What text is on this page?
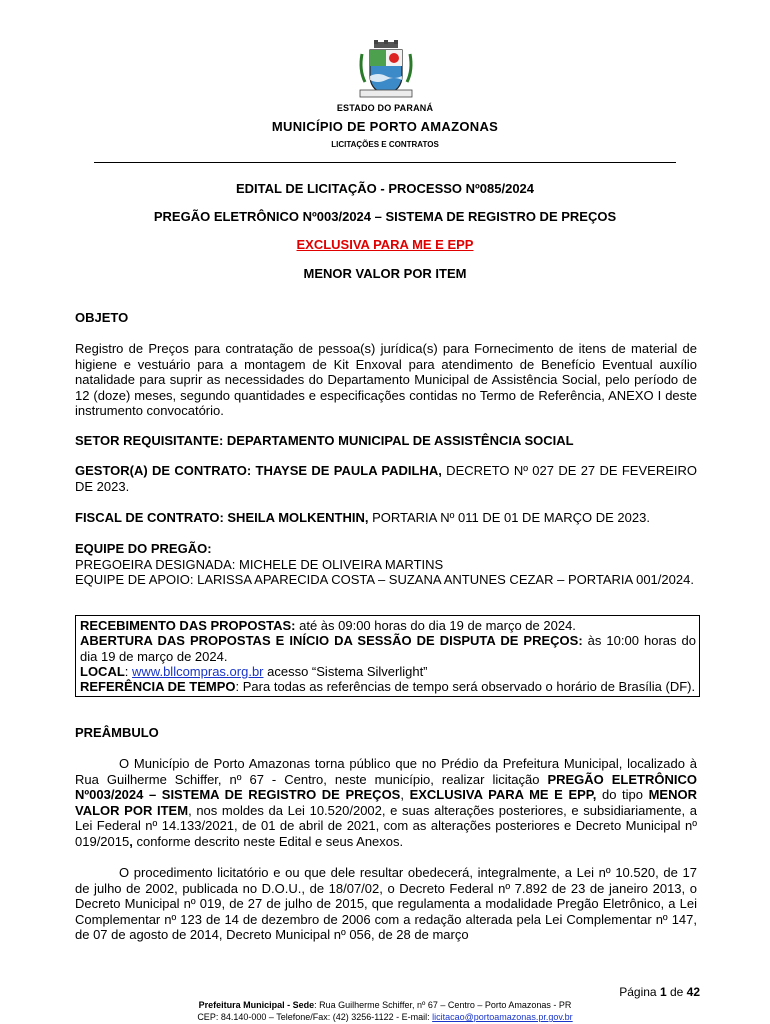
ESTADO DO PARANÁ
MUNICÍPIO DE PORTO AMAZONAS
LICITAÇÕES E CONTRATOS
EDITAL DE LICITAÇÃO - PROCESSO Nº085/2024
PREGÃO ELETRÔNICO Nº003/2024 – SISTEMA DE REGISTRO DE PREÇOS
EXCLUSIVA PARA ME E EPP
MENOR VALOR POR ITEM
OBJETO
Registro de Preços para contratação de pessoa(s) jurídica(s) para Fornecimento de itens de material de higiene e vestuário para a montagem de Kit Enxoval para atendimento de Benefício Eventual auxílio natalidade para suprir as necessidades do Departamento Municipal de Assistência Social, pelo período de 12 (doze) meses, segundo quantidades e especificações contidas no Termo de Referência, ANEXO I deste instrumento convocatório.
SETOR REQUISITANTE: DEPARTAMENTO MUNICIPAL DE ASSISTÊNCIA SOCIAL
GESTOR(A) DE CONTRATO: THAYSE DE PAULA PADILHA, DECRETO Nº 027 DE 27 DE FEVEREIRO DE 2023.
FISCAL DE CONTRATO: SHEILA MOLKENTHIN, PORTARIA Nº 011 DE 01 DE MARÇO DE 2023.
EQUIPE DO PREGÃO:
PREGOEIRA DESIGNADA: MICHELE DE OLIVEIRA MARTINS
EQUIPE DE APOIO: LARISSA APARECIDA COSTA – SUZANA ANTUNES CEZAR – PORTARIA 001/2024.
RECEBIMENTO DAS PROPOSTAS: até às 09:00 horas do dia 19 de março de 2024.
ABERTURA DAS PROPOSTAS E INÍCIO DA SESSÃO DE DISPUTA DE PREÇOS: às 10:00 horas do dia 19 de março de 2024.
LOCAL: www.bllcompras.org.br acesso “Sistema Silverlight”
REFERÊNCIA DE TEMPO: Para todas as referências de tempo será observado o horário de Brasília (DF).
PREÂMBULO
O Município de Porto Amazonas torna público que no Prédio da Prefeitura Municipal, localizado à Rua Guilherme Schiffer, nº 67 - Centro, neste município, realizar licitação PREGÃO ELETRÔNICO Nº003/2024 – SISTEMA DE REGISTRO DE PREÇOS, EXCLUSIVA PARA ME E EPP, do tipo MENOR VALOR POR ITEM, nos moldes da Lei 10.520/2002, e suas alterações posteriores, e subsidiariamente, a Lei Federal nº 14.133/2021, de 01 de abril de 2021, com as alterações posteriores e Decreto Municipal nº 019/2015, conforme descrito neste Edital e seus Anexos.
O procedimento licitatório e ou que dele resultar obedecerá, integralmente, a Lei nº 10.520, de 17 de julho de 2002, publicada no D.O.U., de 18/07/02, o Decreto Federal nº 7.892 de 23 de janeiro 2013, o Decreto Municipal nº 019, de 27 de julho de 2015, que regulamenta a modalidade Pregão Eletrônico, a Lei Complementar nº 123 de 14 de dezembro de 2006 com a redação alterada pela Lei Complementar nº 147, de 07 de agosto de 2014, Decreto Municipal nº 056, de 28 de março
Página 1 de 42
Prefeitura Municipal - Sede: Rua Guilherme Schiffer, nº 67 – Centro – Porto Amazonas - PR
CEP: 84.140-000 – Telefone/Fax: (42) 3256-1122 - E-mail: licitacao@portoamazonas.pr.gov.br
